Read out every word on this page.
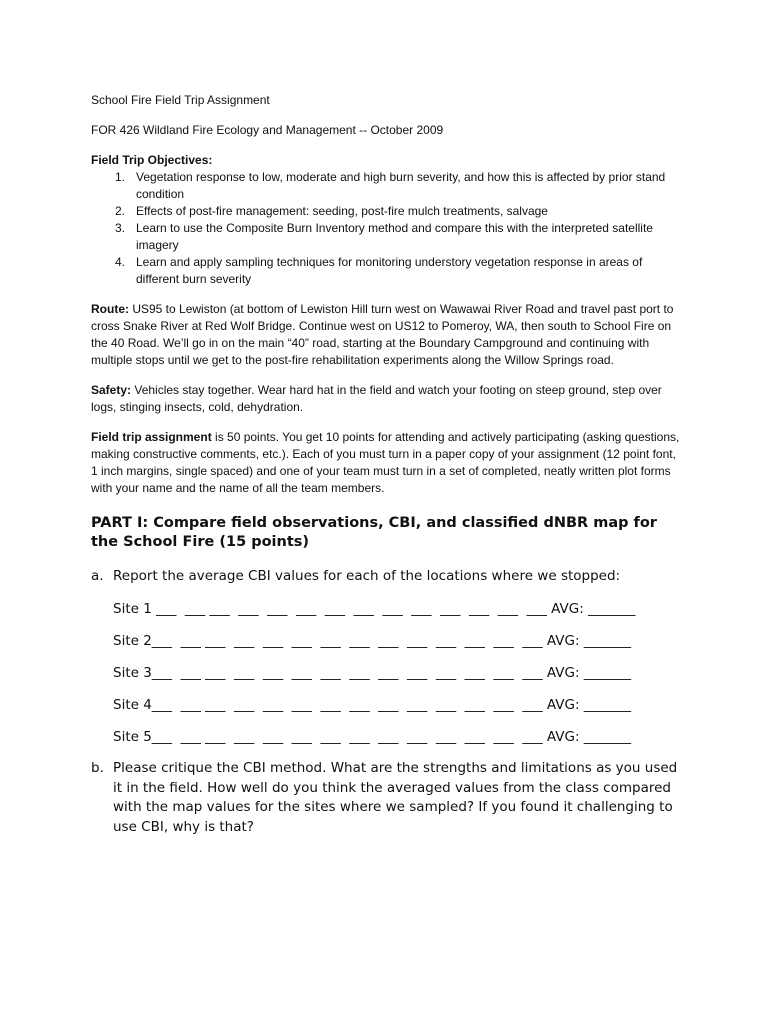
School Fire Field Trip Assignment

FOR 426 Wildland Fire Ecology and Management -- October 2009

Field Trip Objectives:

1. Vegetation response to low, moderate and high burn severity, and how this is affected by prior stand condition
2. Effects of post-fire management: seeding, post-fire mulch treatments, salvage
3. Learn to use the Composite Burn Inventory method and compare this with the interpreted satellite imagery
4. Learn and apply sampling techniques for monitoring understory vegetation response in areas of different burn severity

Route: US95 to Lewiston (at bottom of Lewiston Hill turn west on Wawawai River Road and travel past port to cross Snake River at Red Wolf Bridge. Continue west on US12 to Pomeroy, WA, then south to School Fire on the 40 Road. We’ll go in on the main “40” road, starting at the Boundary Campground and continuing with multiple stops until we get to the post-fire rehabilitation experiments along the Willow Springs road.

Safety: Vehicles stay together. Wear hard hat in the field and watch your footing on steep ground, step over logs, stinging insects, cold, dehydration.

Field trip assignment is 50 points. You get 10 points for attending and actively participating (asking questions, making constructive comments, etc.). Each of you must turn in a paper copy of your assignment (12 point font, 1 inch margins, single spaced) and one of your team must turn in a set of completed, neatly written plot forms with your name and the name of all the team members.

PART I: Compare field observations, CBI, and classified dNBR map for the School Fire (15 points)

a. Report the average CBI values for each of the locations where we stopped:
Site 1 ___  ___ ___  ___  ___  ___  ___  ___  ___  ___  ___  ___  ___  ___ AVG: _______
Site 2___  ___ ___  ___  ___  ___  ___  ___  ___  ___  ___  ___  ___  ___ AVG: _______
Site 3___  ___ ___  ___  ___  ___  ___  ___  ___  ___  ___  ___  ___  ___ AVG: _______
Site 4___  ___ ___  ___  ___  ___  ___  ___  ___  ___  ___  ___  ___  ___ AVG: _______
Site 5___  ___ ___  ___  ___  ___  ___  ___  ___  ___  ___  ___  ___  ___ AVG: _______
b. Please critique the CBI method. What are the strengths and limitations as you used it in the field. How well do you think the averaged values from the class compared with the map values for the sites where we sampled? If you found it challenging to use CBI, why is that?
